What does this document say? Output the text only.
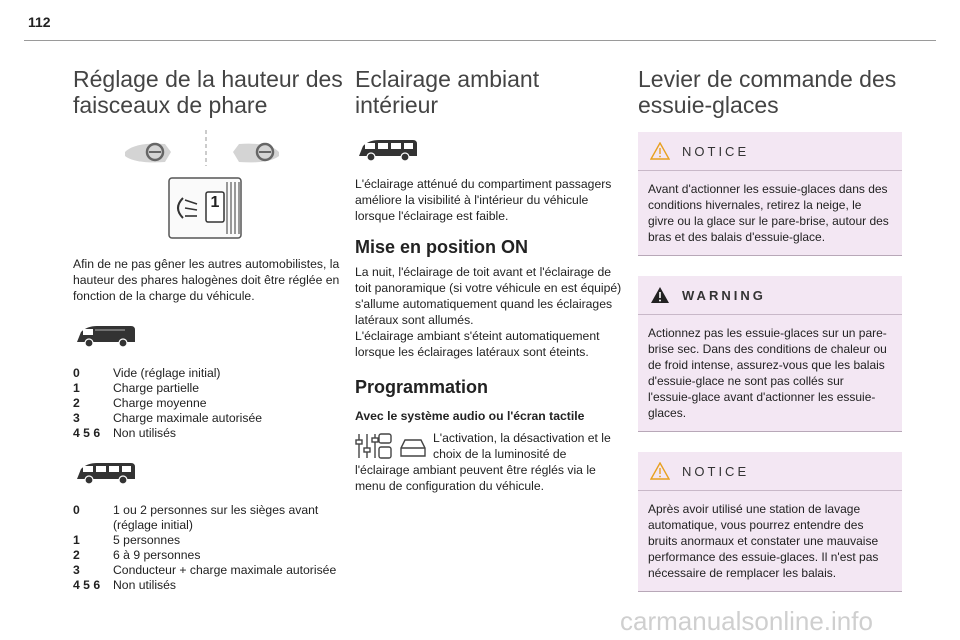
112
Réglage de la hauteur des faisceaux de phare
1

Afin de ne pas gêner les autres automobilistes, la hauteur des phares halogènes doit être réglée en fonction de la charge du véhicule.

0	Vide (réglage initial)
1	Charge partielle
2	Charge moyenne
3	Charge maximale autorisée
4 5 6	Non utilisés
0	1 ou 2 personnes sur les sièges avant (réglage initial)
1	5 personnes
2	6 à 9 personnes
3	Conducteur + charge maximale autorisée
4 5 6	Non utilisés
Eclairage ambiant intérieur

L'éclairage atténué du compartiment passagers améliore la visibilité à l'intérieur du véhicule lorsque l'éclairage est faible.

Mise en position ON

La nuit, l'éclairage de toit avant et l'éclairage de toit panoramique (si votre véhicule en est équipé) s'allume automatiquement quand les éclairages latéraux sont allumés.
L'éclairage ambiant s'éteint automatiquement lorsque les éclairages latéraux sont éteints.

Programmation

Avec le système audio ou l'écran tactile

L'activation, la désactivation et le choix de la luminosité de

l'éclairage ambiant peuvent être réglés via le menu de configuration du véhicule.

Levier de commande des essuie-glaces
NOTICE
Avant d'actionner les essuie-glaces dans des conditions hivernales, retirez la neige, le givre ou la glace sur le pare-brise, autour des bras et des balais d'essuie-glace.
WARNING
Actionnez pas les essuie-glaces sur un pare-brise sec. Dans des conditions de chaleur ou de froid intense, assurez-vous que les balais d'essuie-glace ne sont pas collés sur l'essuie-glace avant d'actionner les essuie-glaces.
NOTICE
Après avoir utilisé une station de lavage automatique, vous pourrez entendre des bruits anormaux et constater une mauvaise performance des essuie-glaces. Il n'est pas nécessaire de remplacer les balais.
carmanualsonline.info
